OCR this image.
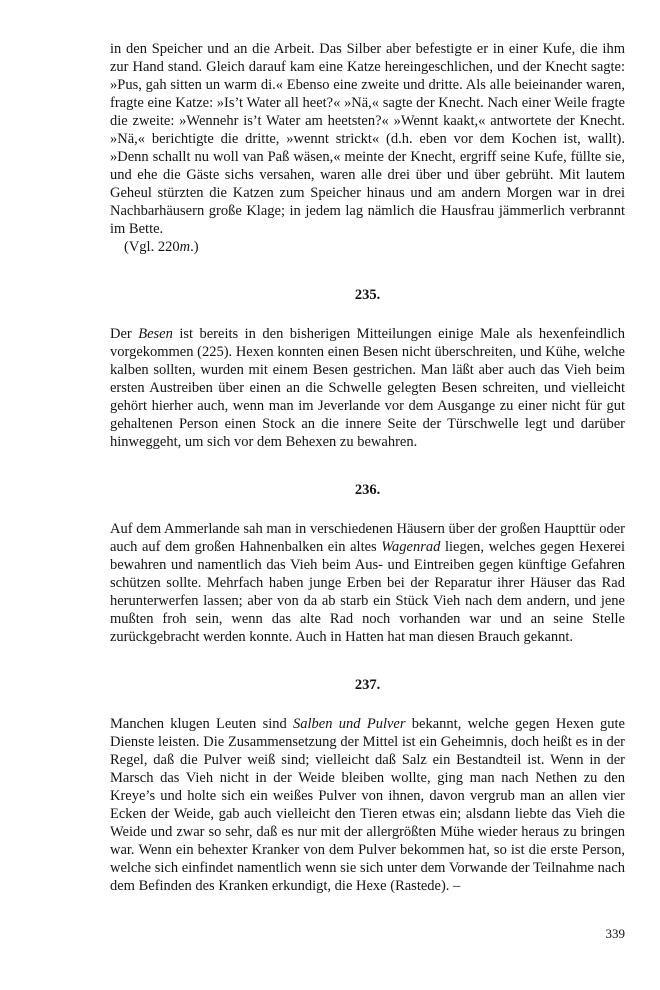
in den Speicher und an die Arbeit. Das Silber aber befestigte er in einer Kufe, die ihm zur Hand stand. Gleich darauf kam eine Katze hereingeschlichen, und der Knecht sagte: »Pus, gah sitten un warm di.« Ebenso eine zweite und dritte. Als alle beieinander waren, fragte eine Katze: »Is’t Water all heet?« »Nä,« sagte der Knecht. Nach einer Weile fragte die zweite: »Wennehr is’t Water am heetsten?« »Wennt kaakt,« antwortete der Knecht. »Nä,« berichtigte die dritte, »wennt strickt« (d.h. eben vor dem Kochen ist, wallt). »Denn schallt nu woll van Paß wäsen,« meinte der Knecht, ergriff seine Kufe, füllte sie, und ehe die Gäste sichs versahen, waren alle drei über und über gebrüht. Mit lautem Geheul stürzten die Katzen zum Speicher hinaus und am andern Morgen war in drei Nachbarhäusern große Klage; in jedem lag nämlich die Hausfrau jämmerlich verbrannt im Bette.

(Vgl. 220m.)

235.

Der Besen ist bereits in den bisherigen Mitteilungen einige Male als hexenfeindlich vorgekommen (225). Hexen konnten einen Besen nicht überschreiten, und Kühe, welche kalben sollten, wurden mit einem Besen gestrichen. Man läßt aber auch das Vieh beim ersten Austreiben über einen an die Schwelle gelegten Besen schreiten, und vielleicht gehört hierher auch, wenn man im Jeverlande vor dem Ausgange zu einer nicht für gut gehaltenen Person einen Stock an die innere Seite der Türschwelle legt und darüber hinweggeht, um sich vor dem Behexen zu bewahren.

236.

Auf dem Ammerlande sah man in verschiedenen Häusern über der großen Haupttür oder auch auf dem großen Hahnenbalken ein altes Wagenrad liegen, welches gegen Hexerei bewahren und namentlich das Vieh beim Aus- und Eintreiben gegen künftige Gefahren schützen sollte. Mehrfach haben junge Erben bei der Reparatur ihrer Häuser das Rad herunterwerfen lassen; aber von da ab starb ein Stück Vieh nach dem andern, und jene mußten froh sein, wenn das alte Rad noch vorhanden war und an seine Stelle zurückgebracht werden konnte. Auch in Hatten hat man diesen Brauch gekannt.

237.

Manchen klugen Leuten sind Salben und Pulver bekannt, welche gegen Hexen gute Dienste leisten. Die Zusammensetzung der Mittel ist ein Geheimnis, doch heißt es in der Regel, daß die Pulver weiß sind; vielleicht daß Salz ein Bestandteil ist. Wenn in der Marsch das Vieh nicht in der Weide bleiben wollte, ging man nach Nethen zu den Kreye’s und holte sich ein weißes Pulver von ihnen, davon vergrub man an allen vier Ecken der Weide, gab auch vielleicht den Tieren etwas ein; alsdann liebte das Vieh die Weide und zwar so sehr, daß es nur mit der allergrößten Mühe wieder heraus zu bringen war. Wenn ein behexter Kranker von dem Pulver bekommen hat, so ist die erste Person, welche sich einfindet namentlich wenn sie sich unter dem Vorwande der Teilnahme nach dem Befinden des Kranken erkundigt, die Hexe (Rastede). –

339
